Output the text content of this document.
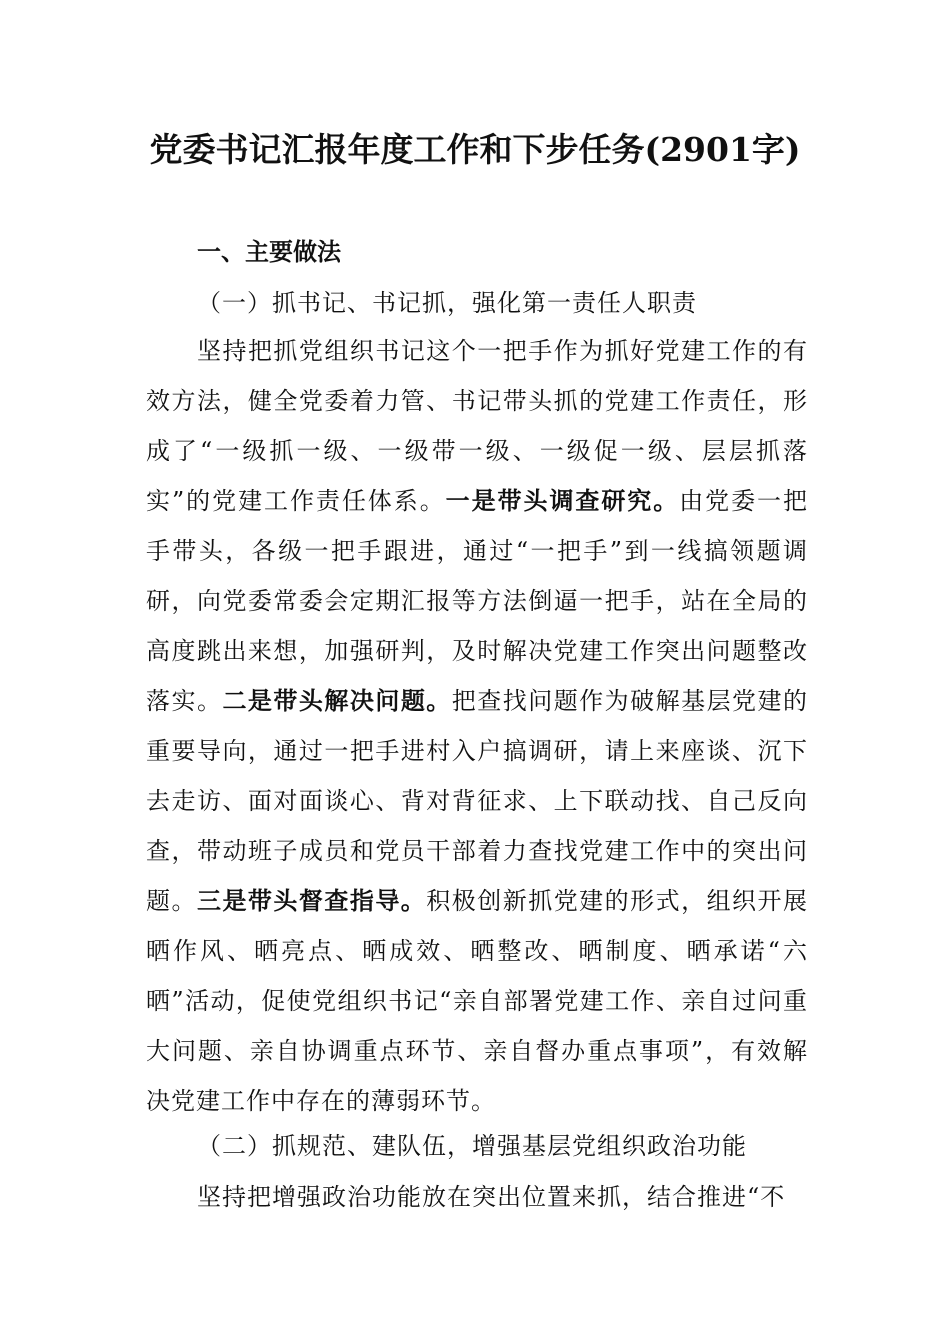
党委书记汇报年度工作和下步任务(2901字)
一、主要做法
（一）抓书记、书记抓，强化第一责任人职责

坚持把抓党组织书记这个一把手作为抓好党建工作的有效方法，健全党委着力管、书记带头抓的党建工作责任，形成了“一级抓一级、一级带一级、一级促一级、层层抓落实”的党建工作责任体系。一是带头调查研究。由党委一把手带头，各级一把手跟进，通过“一把手”到一线搞领题调研，向党委常委会定期汇报等方法倒逼一把手，站在全局的高度跳出来想，加强研判，及时解决党建工作突出问题整改落实。二是带头解决问题。把查找问题作为破解基层党建的重要导向，通过一把手进村入户搞调研，请上来座谈、沉下去走访、面对面谈心、背对背征求、上下联动找、自己反向查，带动班子成员和党员干部着力查找党建工作中的突出问题。三是带头督查指导。积极创新抓党建的形式，组织开展晒作风、晒亮点、晒成效、晒整改、晒制度、晒承诺“六晒”活动，促使党组织书记“亲自部署党建工作、亲自过问重大问题、亲自协调重点环节、亲自督办重点事项”，有效解决党建工作中存在的薄弱环节。

（二）抓规范、建队伍，增强基层党组织政治功能

坚持把增强政治功能放在突出位置来抓，结合推进“不
